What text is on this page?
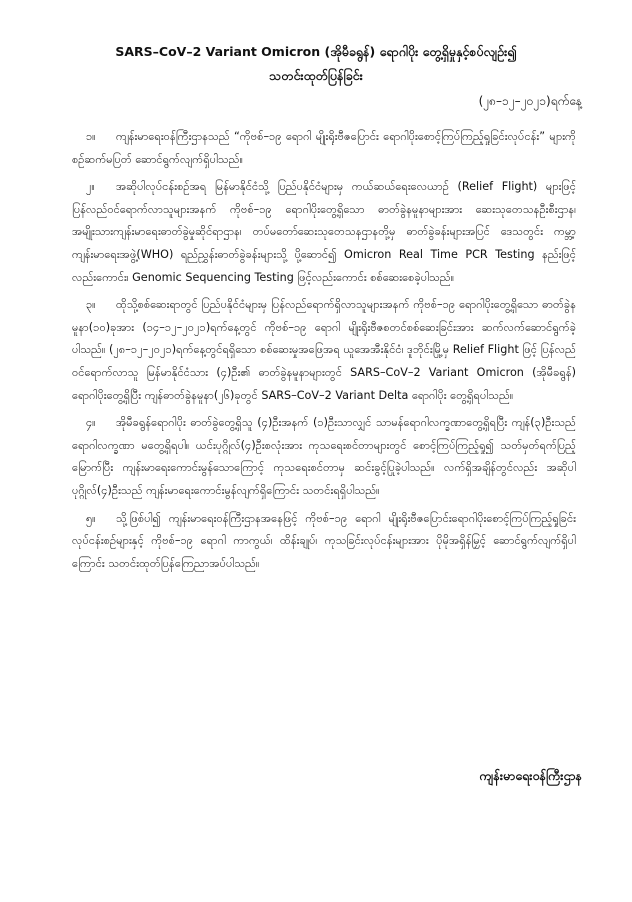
SARS–CoV–2 Variant Omicron (အိုမီခရွန်) ရောဂါပိုး တွေ့ရှိမှုနှင့်စပ်လျဉ်း၍
သတင်းထုတ်ပြန်ခြင်း
(၂၈–၁၂–၂၀၂၁)ရက်နေ့

၁။ ကျန်းမာရေးဝန်ကြီးဌာနသည် “ကိုဗစ်–၁၉ ရောဂါ မျိုးရိုးဗီဇပြောင်း ရောဂါပိုးစောင့်ကြပ်ကြည့်ရှုခြင်းလုပ်ငန်း” များကို စဉ်ဆက်မပြတ် ဆောင်ရွက်လျက်ရှိပါသည်။

၂။ အဆိုပါလုပ်ငန်းစဉ်အရ မြန်မာနိုင်ငံသို့ ပြည်ပနိုင်ငံများမှ ကယ်ဆယ်ရေးလေယာဉ် (Relief Flight) များဖြင့် ပြန်လည်ဝင်ရောက်လာသူများအနက် ကိုဗစ်–၁၉ ရောဂါပိုးတွေ့ရှိသော ဓာတ်ခွဲနမူနာများအား ဆေးသုတေသနဦးစီးဌာန၊ အမျိုးသားကျန်းမာရေးဓာတ်ခွဲမှုဆိုင်ရာဌာန၊ တပ်မတော်ဆေးသုတေသနဌာနတို့မှ ဓာတ်ခွဲခန်းများအပြင် ဒေသတွင်း ကမ္ဘာ့ကျန်းမာရေးအဖွဲ့(WHO) ရည်ညွှန်းဓာတ်ခွဲခန်းများသို့ ပို့ဆောင်၍ Omicron Real Time PCR Testing နည်းဖြင့်လည်းကောင်း၊ Genomic Sequencing Testing ဖြင့်လည်းကောင်း စစ်ဆေးစေခဲ့ပါသည်။

၃။ ထိုသို့စစ်ဆေးရာတွင် ပြည်ပနိုင်ငံများမှ ပြန်လည်ရောက်ရှိလာသူများအနက် ကိုဗစ်–၁၉ ရောဂါပိုးတွေ့ရှိသော ဓာတ်ခွဲနမူနာ(၁၀)ခုအား (၁၄–၁၂–၂၀၂၁)ရက်နေ့တွင် ကိုဗစ်–၁၉ ရောဂါ မျိုးရိုးဗီဇစတင်စစ်ဆေးခြင်းအား ဆက်လက်ဆောင်ရွက်ခဲ့ပါသည်။ (၂၈–၁၂–၂၀၂၁)ရက်နေ့တွင်ရရှိသော စစ်ဆေးမှုအဖြေအရ ယူအေအီးနိုင်ငံ၊ ဒူဘိုင်းမြို့မှ Relief Flight ဖြင့် ပြန်လည်ဝင်ရောက်လာသူ မြန်မာနိုင်ငံသား (၄)ဦး၏ ဓာတ်ခွဲနမူနာများတွင် SARS–CoV–2 Variant Omicron (အိုမီခရွန်) ရောဂါပိုးတွေ့ရှိပြီး ကျန်ဓာတ်ခွဲနမူနာ(၂၆)ခုတွင် SARS–CoV–2 Variant Delta ရောဂါပိုး တွေ့ရှိရပါသည်။

၄။ အိုမီခရွန်ရောဂါပိုး ဓာတ်ခွဲတွေ့ရှိသူ (၄)ဦးအနက် (၁)ဦးသာလျှင် သာမန်ရောဂါလက္ခဏာတွေ့ရှိရပြီး ကျန်(၃)ဦးသည် ရောဂါလက္ခဏာ မတွေ့ရှိရပါ။ ယင်းပုဂ္ဂိုလ်(၄)ဦးစလုံးအား ကုသရေးစင်တာများတွင် စောင့်ကြပ်ကြည့်ရှု၍ သတ်မှတ်ရက်ပြည့်မြောက်ပြီး ကျန်းမာရေးကောင်းမွန်သောကြောင့် ကုသရေးစင်တာမှ ဆင်းခွင့်ပြုခဲ့ပါသည်။ လက်ရှိအချိန်တွင်လည်း အဆိုပါပုဂ္ဂိုလ်(၄)ဦးသည် ကျန်းမာရေးကောင်းမွန်လျက်ရှိကြောင်း သတင်းရရှိပါသည်။

၅။ သို့ဖြစ်ပါ၍ ကျန်းမာရေးဝန်ကြီးဌာနအနေဖြင့် ကိုဗစ်–၁၉ ရောဂါ မျိုးရိုးဗီဇပြောင်းရောဂါပိုးစောင့်ကြပ်ကြည့်ရှုခြင်းလုပ်ငန်းစဉ်များနှင့် ကိုဗစ်–၁၉ ရောဂါ ကာကွယ်၊ ထိန်းချုပ်၊ ကုသခြင်းလုပ်ငန်းများအား ပိုမိုအရှိန်မြှင့် ဆောင်ရွက်လျက်ရှိပါကြောင်း သတင်းထုတ်ပြန်ကြေညာအပ်ပါသည်။

ကျန်းမာရေးဝန်ကြီးဌာန
